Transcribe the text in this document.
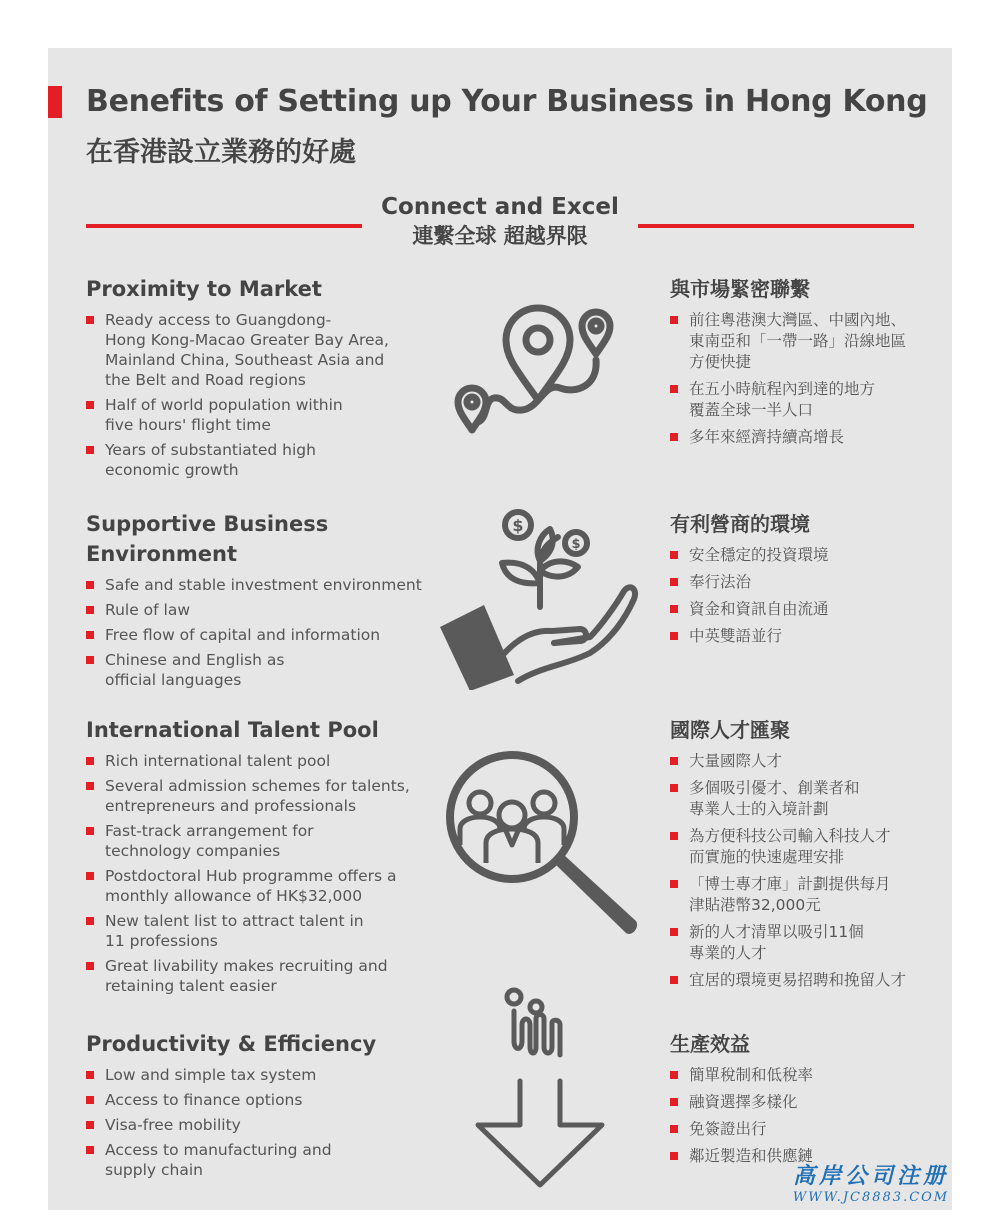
Benefits of Setting up Your Business in Hong Kong
在香港設立業務的好處
Connect and Excel
連繫全球 超越界限
Proximity to Market
Ready access to Guangdong-
Hong Kong-Macao Greater Bay Area,
Mainland China, Southeast Asia and
the Belt and Road regions
Half of world population within
five hours' flight time
Years of substantiated high
economic growth
與市場緊密聯繫
前往粵港澳大灣區、中國內地、
東南亞和「一帶一路」沿線地區
方便快捷
在五小時航程內到達的地方
覆蓋全球一半人口
多年來經濟持續高增長
Supportive Business
Environment
Safe and stable investment environment
Rule of law
Free flow of capital and information
Chinese and English as
official languages
有利營商的環境
安全穩定的投資環境
奉行法治
資金和資訊自由流通
中英雙語並行
$
$
International Talent Pool
Rich international talent pool
Several admission schemes for talents,
entrepreneurs and professionals
Fast-track arrangement for
technology companies
Postdoctoral Hub programme offers a
monthly allowance of HK$32,000
New talent list to attract talent in
11 professions
Great livability makes recruiting and
retaining talent easier
國際人才匯聚
大量國際人才
多個吸引優才、創業者和
專業人士的入境計劃
為方便科技公司輸入科技人才
而實施的快速處理安排
「博士專才庫」計劃提供每月
津貼港幣32,000元
新的人才清單以吸引11個
專業的人才
宜居的環境更易招聘和挽留人才
Productivity & Efficiency
Low and simple tax system
Access to finance options
Visa-free mobility
Access to manufacturing and
supply chain
生產效益
簡單稅制和低稅率
融資選擇多樣化
免簽證出行
鄰近製造和供應鏈
高岸公司注册
WWW.JC8883.COM
